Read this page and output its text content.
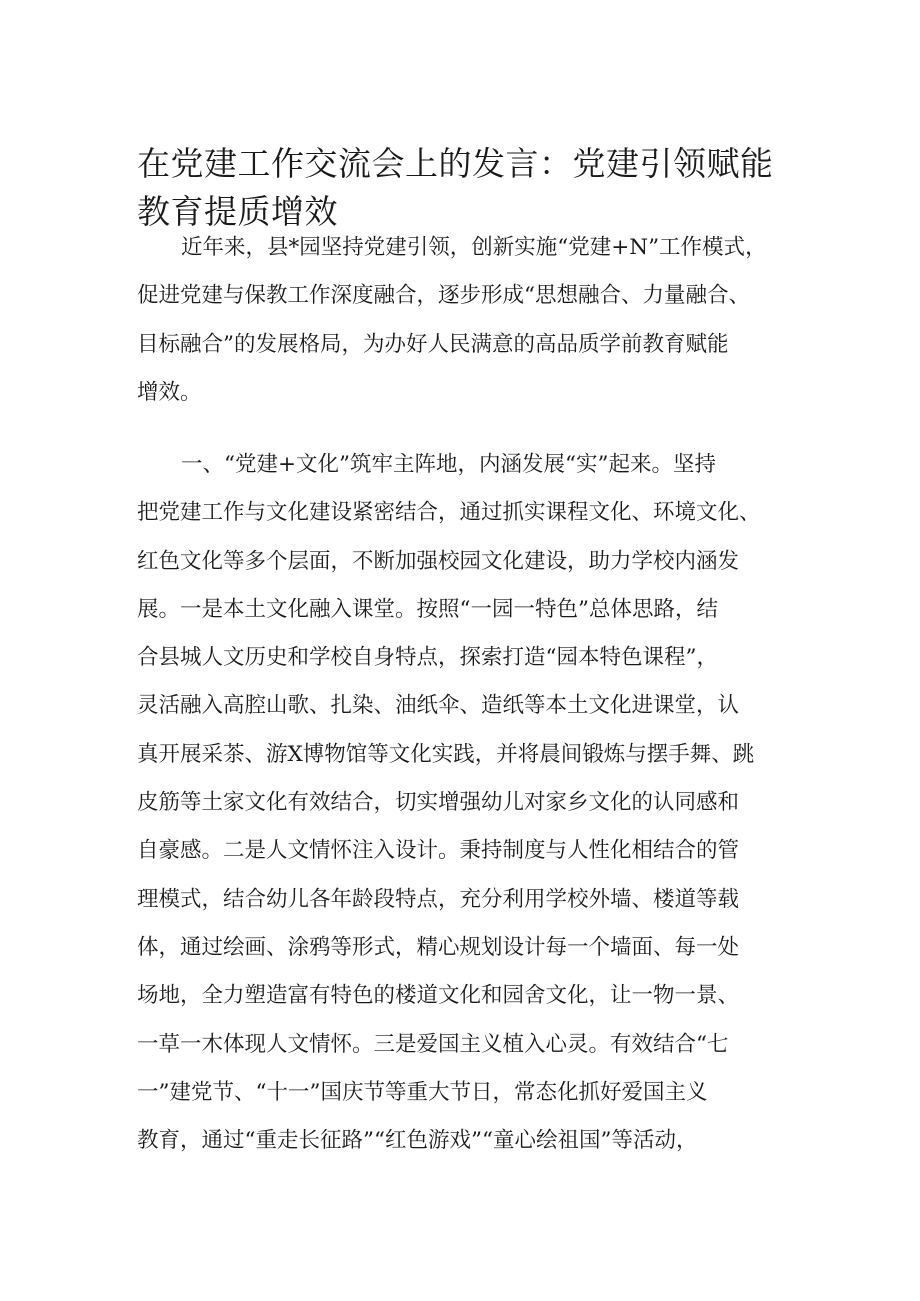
在党建工作交流会上的发言：党建引领赋能
教育提质增效
近年来，县*园坚持党建引领，创新实施“党建+N”工作模式，
促进党建与保教工作深度融合，逐步形成“思想融合、力量融合、
目标融合”的发展格局，为办好人民满意的高品质学前教育赋能
增效。
一、“党建+文化”筑牢主阵地，内涵发展“实”起来。坚持
把党建工作与文化建设紧密结合，通过抓实课程文化、环境文化、
红色文化等多个层面，不断加强校园文化建设，助力学校内涵发
展。一是本土文化融入课堂。按照“一园一特色”总体思路，结
合县城人文历史和学校自身特点，探索打造“园本特色课程”，
灵活融入高腔山歌、扎染、油纸伞、造纸等本土文化进课堂，认
真开展采茶、游X博物馆等文化实践，并将晨间锻炼与摆手舞、跳
皮筋等土家文化有效结合，切实增强幼儿对家乡文化的认同感和
自豪感。二是人文情怀注入设计。秉持制度与人性化相结合的管
理模式，结合幼儿各年龄段特点，充分利用学校外墙、楼道等载
体，通过绘画、涂鸦等形式，精心规划设计每一个墙面、每一处
场地，全力塑造富有特色的楼道文化和园舍文化，让一物一景、
一草一木体现人文情怀。三是爱国主义植入心灵。有效结合“七
一”建党节、“十一”国庆节等重大节日，常态化抓好爱国主义
教育，通过“重走长征路”“红色游戏”“童心绘祖国”等活动，
